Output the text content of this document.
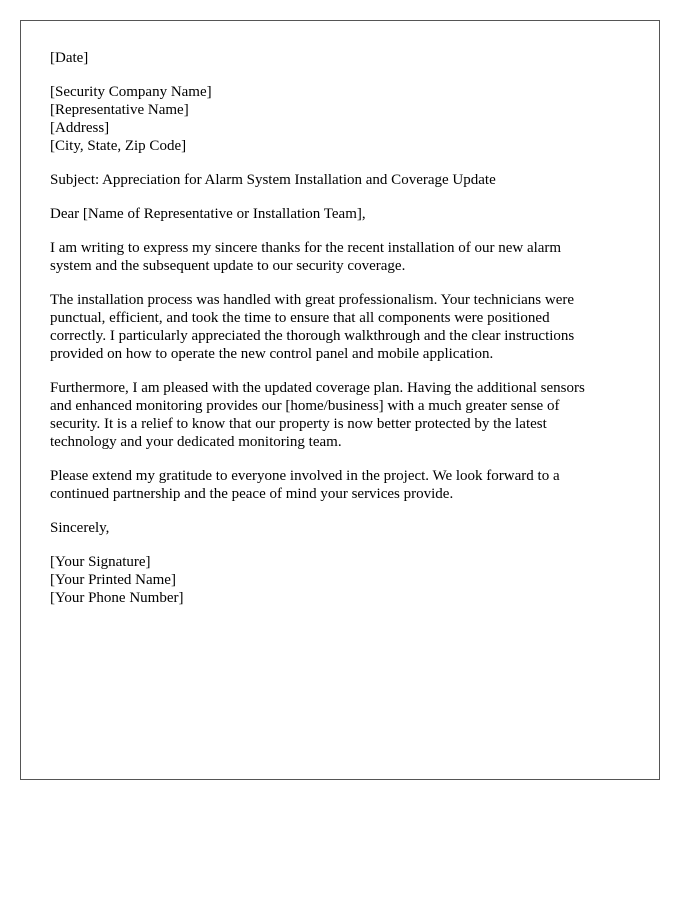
[Date]
[Security Company Name]
[Representative Name]
[Address]
[City, State, Zip Code]
Subject: Appreciation for Alarm System Installation and Coverage Update
Dear [Name of Representative or Installation Team],
I am writing to express my sincere thanks for the recent installation of our new alarm
system and the subsequent update to our security coverage.
The installation process was handled with great professionalism. Your technicians were
punctual, efficient, and took the time to ensure that all components were positioned
correctly. I particularly appreciated the thorough walkthrough and the clear instructions
provided on how to operate the new control panel and mobile application.
Furthermore, I am pleased with the updated coverage plan. Having the additional sensors
and enhanced monitoring provides our [home/business] with a much greater sense of
security. It is a relief to know that our property is now better protected by the latest
technology and your dedicated monitoring team.
Please extend my gratitude to everyone involved in the project. We look forward to a
continued partnership and the peace of mind your services provide.
Sincerely,
[Your Signature]
[Your Printed Name]
[Your Phone Number]
